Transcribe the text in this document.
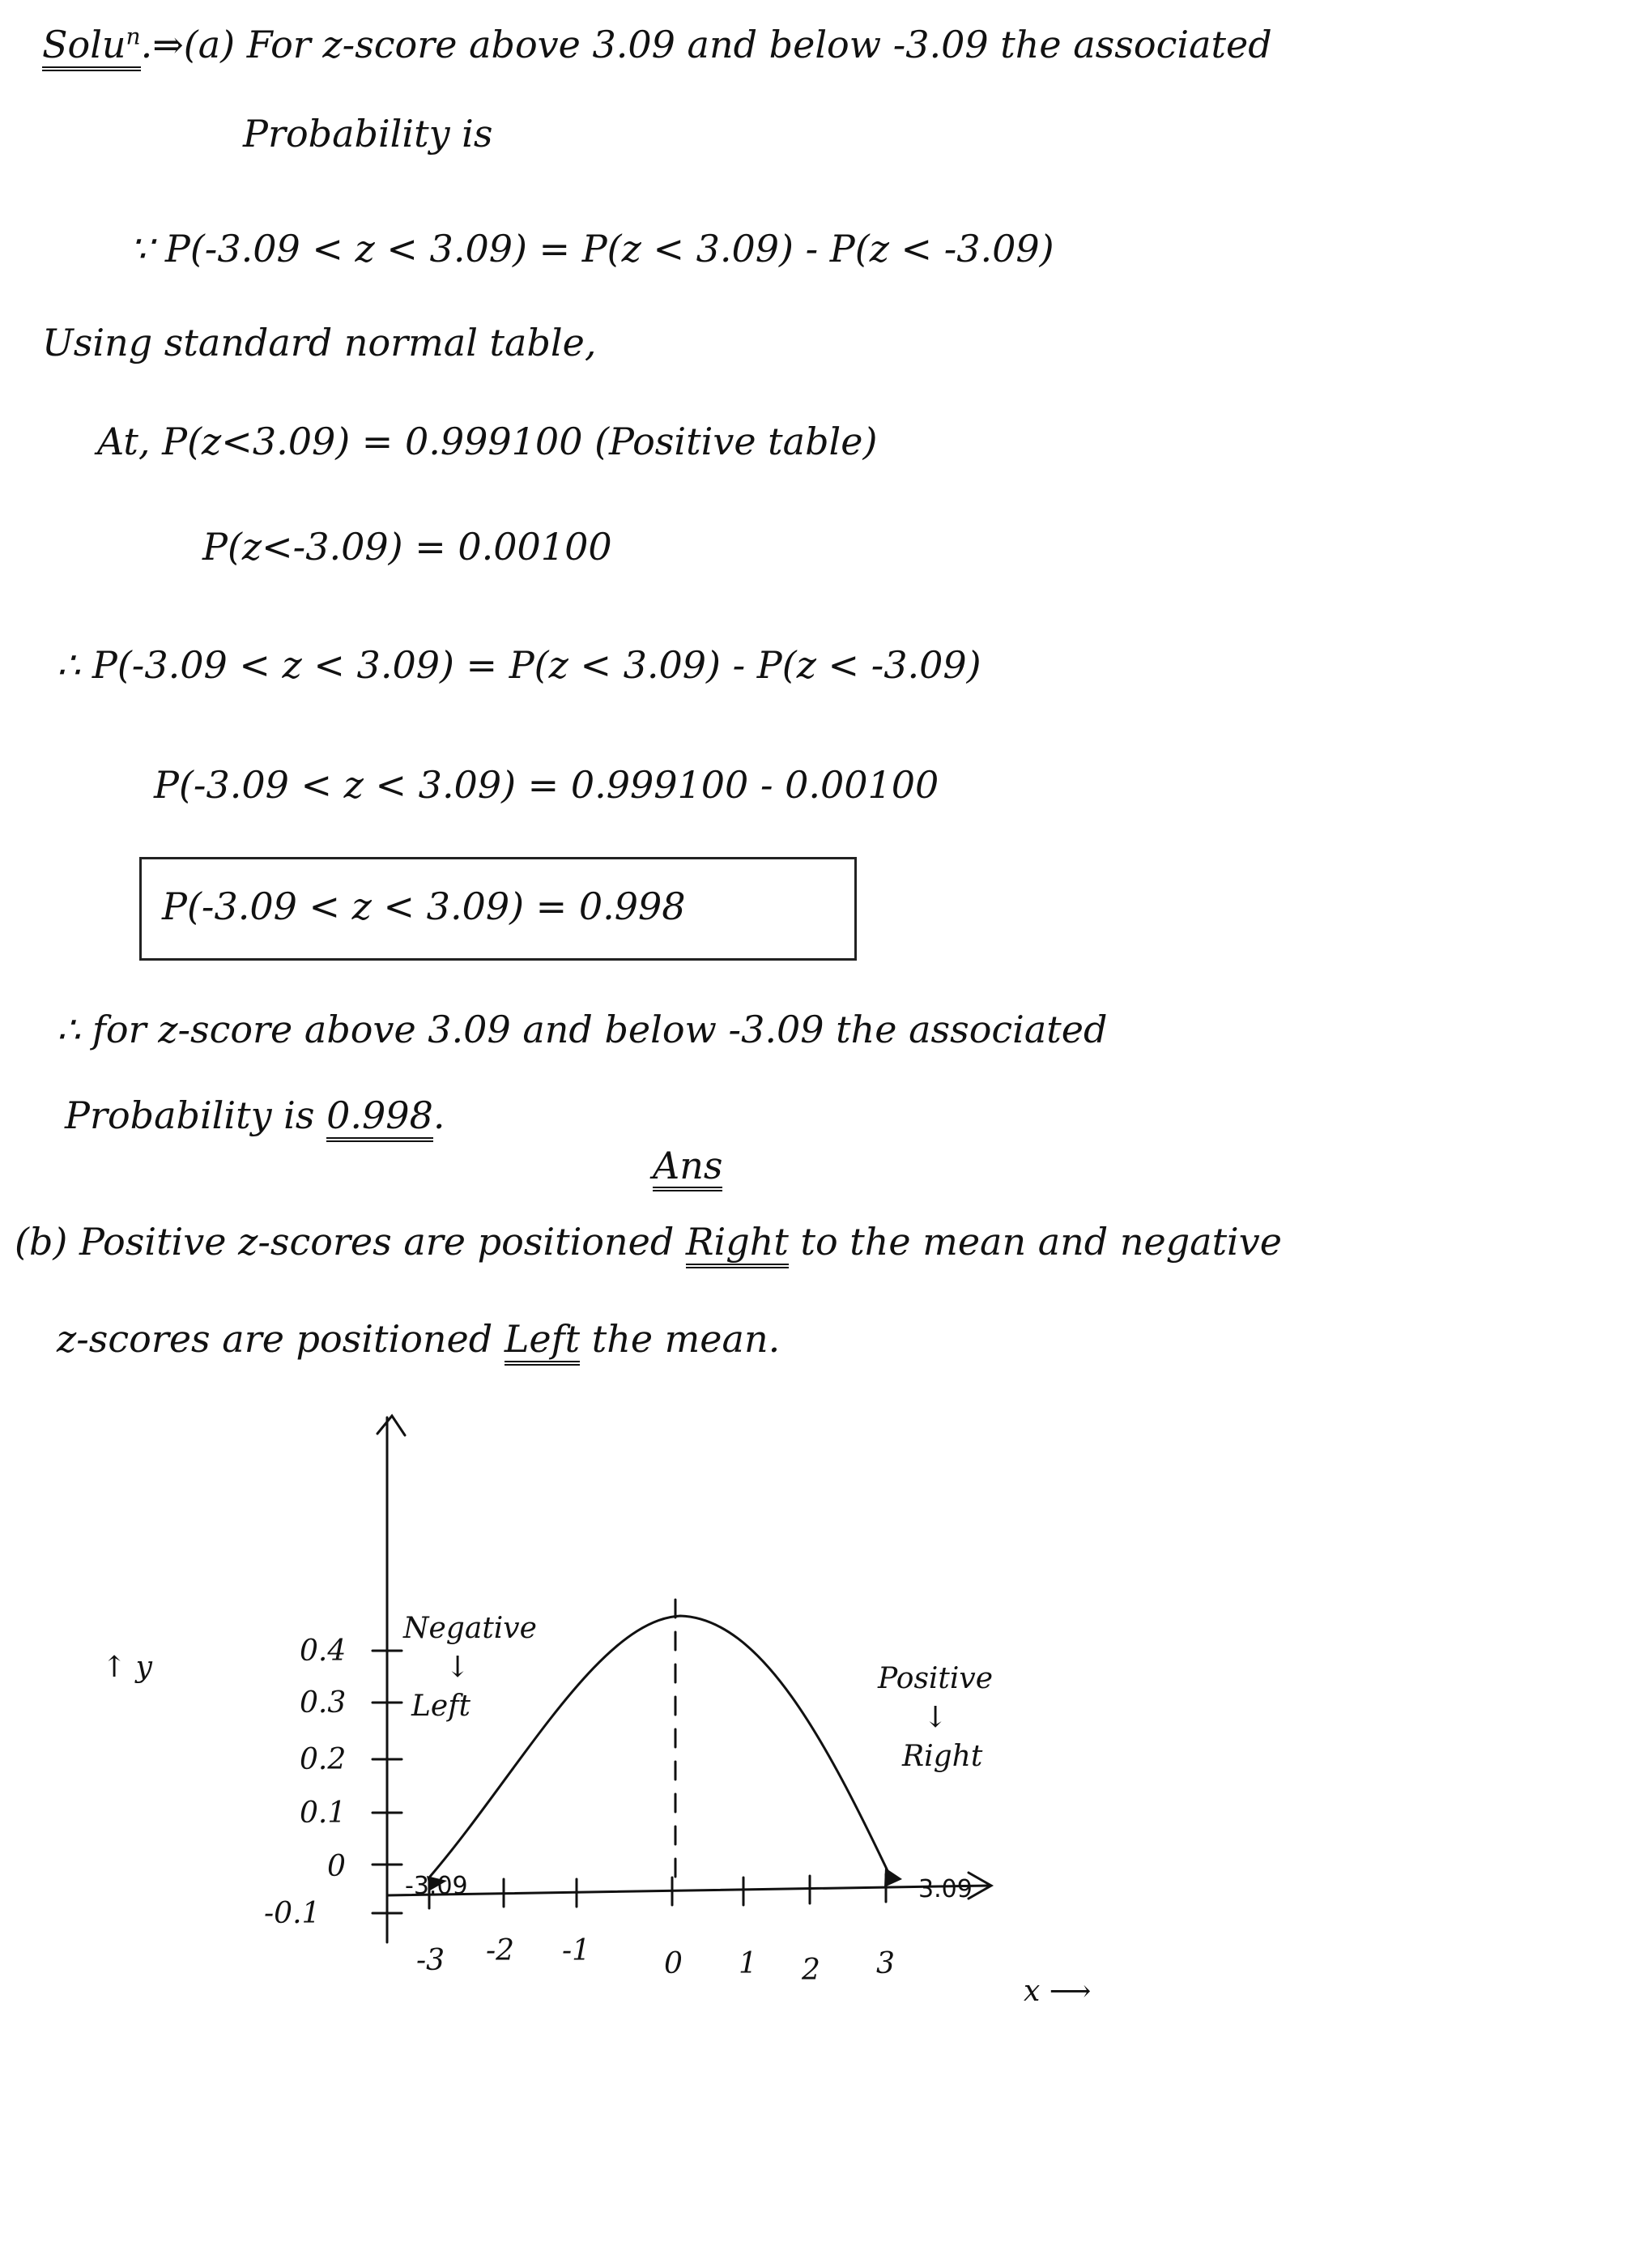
Solu$^n$.⇒(a) For z-score above 3.09 and below -3.09 the associated
Probability is
∵ P(-3.09 < z < 3.09) = P(z < 3.09) - P(z < -3.09)
Using standard normal table,
At, P(z<3.09) = 0.999100 (Positive table)
P(z<-3.09) = 0.00100
∴ P(-3.09 < z < 3.09) = P(z < 3.09) - P(z < -3.09)
P(-3.09 < z < 3.09) = 0.999100 - 0.00100
P(-3.09 < z < 3.09) = 0.998
∴ for z-score above 3.09 and below -3.09 the associated
Probability is 0.998.
Ans
(b) Positive z-scores are positioned Right to the mean and negative
z-scores are positioned Left the mean.
0.4
0.3
0.2
0.1
0
-0.1
-3 -2 -1	0 1 2 3
-3.09	3.09
↑ y
x ⟶
Negative
↓
Left
Positive
↓
Right
